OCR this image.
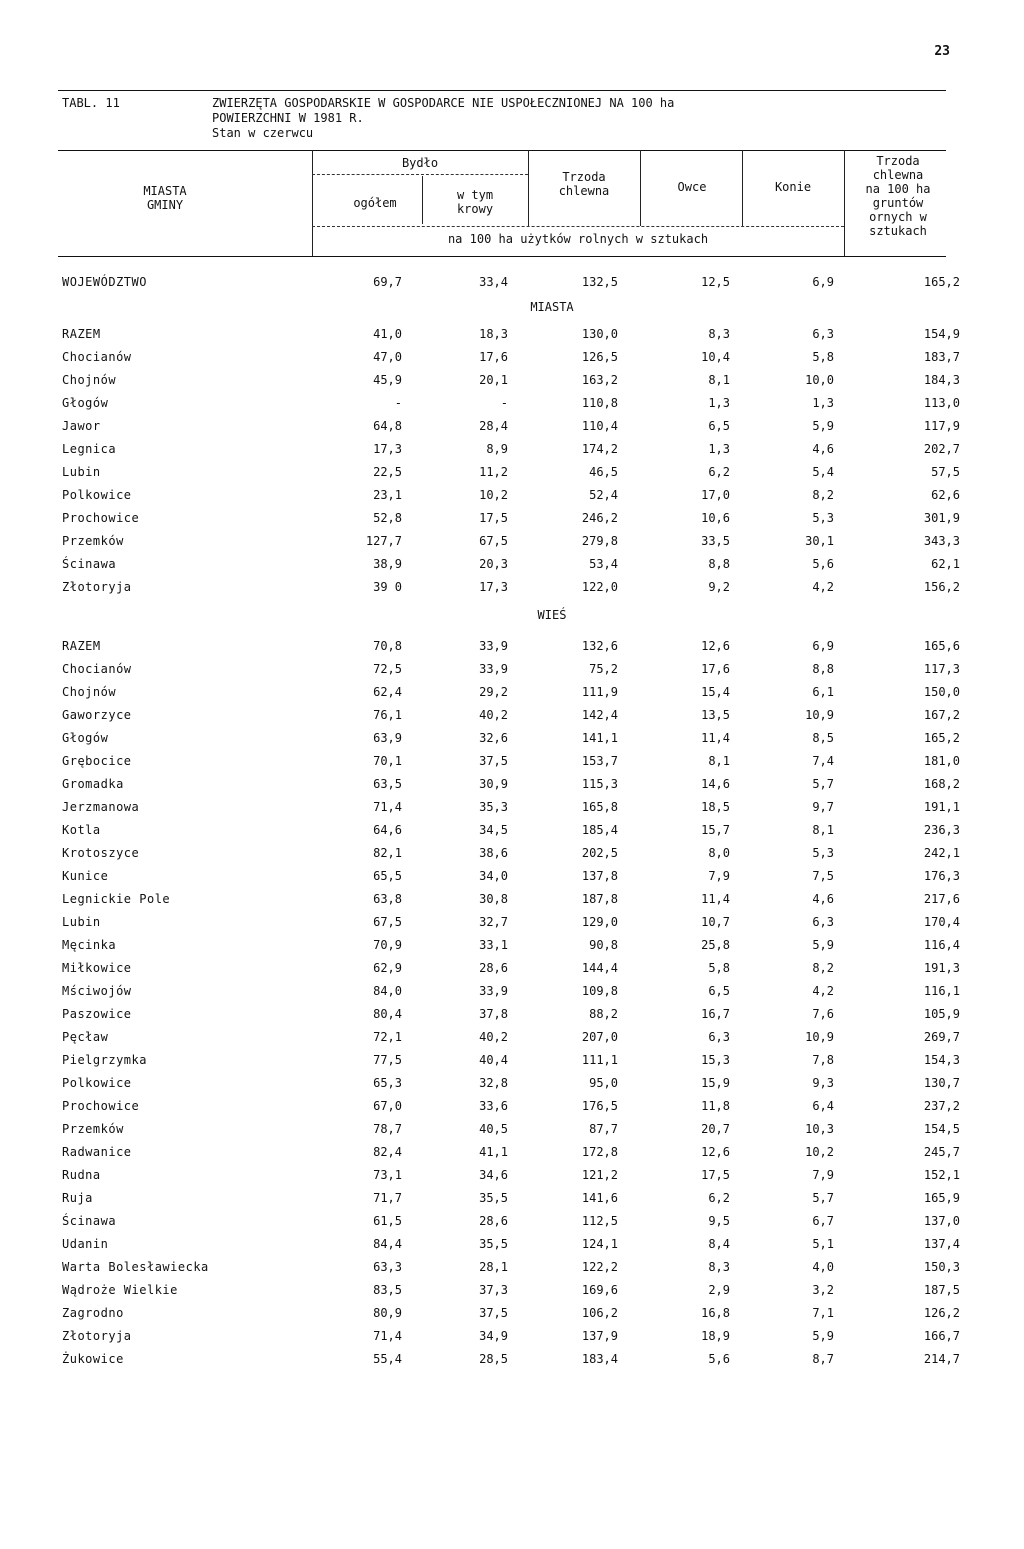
23
TABL. 11	ZWIERZĘTA GOSPODARSKIE W GOSPODARCE NIE USPOŁECZNIONEJ NA 100 ha
POWIERZCHNI W 1981 R.
Stan w czerwcu
MIASTA
GMINY
Bydło
ogółem
w tym
krowy
Trzoda
chlewna	Owce	Konie
Trzoda
chlewna
na 100 ha
gruntów
ornych w
sztukach
na 100 ha użytków rolnych w sztukach
WOJEWÓDZTWO	69,7	33,4	132,5	12,5	6,9	165,2
MIASTA
RAZEM	41,0	18,3	130,0	8,3	6,3	154,9
Chocianów	47,0	17,6	126,5	10,4	5,8	183,7
Chojnów	45,9	20,1	163,2	8,1	10,0	184,3
Głogów	-	-	110,8	1,3	1,3	113,0
Jawor	64,8	28,4	110,4	6,5	5,9	117,9
Legnica	17,3	8,9	174,2	1,3	4,6	202,7
Lubin	22,5	11,2	46,5	6,2	5,4	57,5
Polkowice	23,1	10,2	52,4	17,0	8,2	62,6
Prochowice	52,8	17,5	246,2	10,6	5,3	301,9
Przemków	127,7	67,5	279,8	33,5	30,1	343,3
Ścinawa	38,9	20,3	53,4	8,8	5,6	62,1
Złotoryja	39 0	17,3	122,0	9,2	4,2	156,2
WIEŚ
RAZEM	70,8	33,9	132,6	12,6	6,9	165,6
Chocianów	72,5	33,9	75,2	17,6	8,8	117,3
Chojnów	62,4	29,2	111,9	15,4	6,1	150,0
Gaworzyce	76,1	40,2	142,4	13,5	10,9	167,2
Głogów	63,9	32,6	141,1	11,4	8,5	165,2
Grębocice	70,1	37,5	153,7	8,1	7,4	181,0
Gromadka	63,5	30,9	115,3	14,6	5,7	168,2
Jerzmanowa	71,4	35,3	165,8	18,5	9,7	191,1
Kotla	64,6	34,5	185,4	15,7	8,1	236,3
Krotoszyce	82,1	38,6	202,5	8,0	5,3	242,1
Kunice	65,5	34,0	137,8	7,9	7,5	176,3
Legnickie Pole	63,8	30,8	187,8	11,4	4,6	217,6
Lubin	67,5	32,7	129,0	10,7	6,3	170,4
Męcinka	70,9	33,1	90,8	25,8	5,9	116,4
Miłkowice	62,9	28,6	144,4	5,8	8,2	191,3
Mściwojów	84,0	33,9	109,8	6,5	4,2	116,1
Paszowice	80,4	37,8	88,2	16,7	7,6	105,9
Pęcław	72,1	40,2	207,0	6,3	10,9	269,7
Pielgrzymka	77,5	40,4	111,1	15,3	7,8	154,3
Polkowice	65,3	32,8	95,0	15,9	9,3	130,7
Prochowice	67,0	33,6	176,5	11,8	6,4	237,2
Przemków	78,7	40,5	87,7	20,7	10,3	154,5
Radwanice	82,4	41,1	172,8	12,6	10,2	245,7
Rudna	73,1	34,6	121,2	17,5	7,9	152,1
Ruja	71,7	35,5	141,6	6,2	5,7	165,9
Ścinawa	61,5	28,6	112,5	9,5	6,7	137,0
Udanin	84,4	35,5	124,1	8,4	5,1	137,4
Warta Bolesławiecka	63,3	28,1	122,2	8,3	4,0	150,3
Wądroże Wielkie	83,5	37,3	169,6	2,9	3,2	187,5
Zagrodno	80,9	37,5	106,2	16,8	7,1	126,2
Złotoryja	71,4	34,9	137,9	18,9	5,9	166,7
Żukowice	55,4	28,5	183,4	5,6	8,7	214,7
